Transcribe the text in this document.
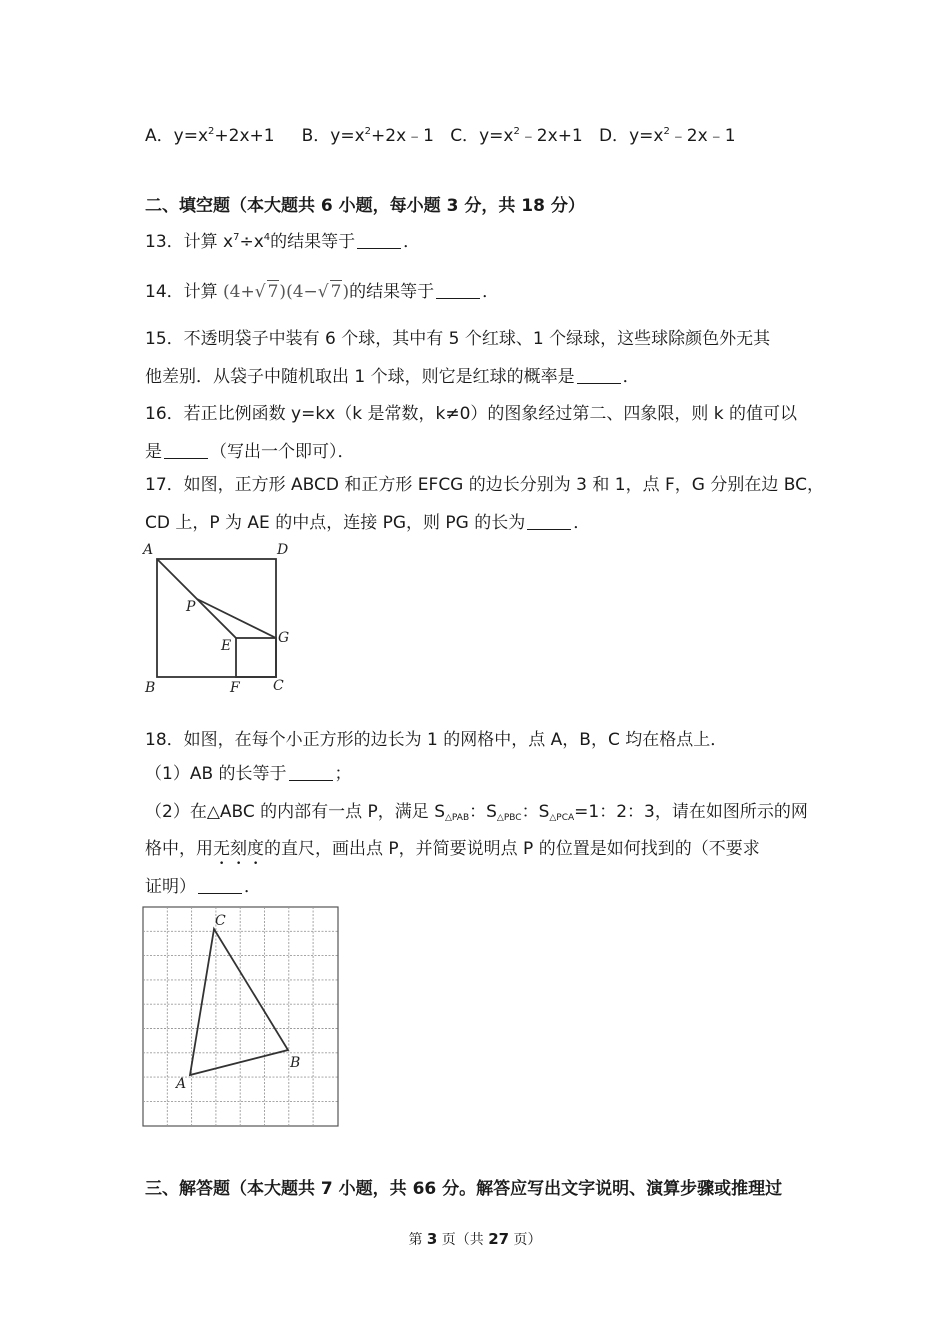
A．$y=x^2+2x+1$ B．$y=x^2+2x﹣1$ C．$y=x^2﹣2x+1$ D．$y=x^2﹣2x﹣1$
二、填空题（本大题共 6 小题，每小题 3 分，共 18 分）
13．计算 $x^7\div x^4$的结果等于	．
14．计算 (4+√ 7)(4−√ 7)的结果等于	．
15．不透明袋子中装有 6 个球，其中有 5 个红球、1 个绿球，这些球除颜色外无其
他差别．从袋子中随机取出 1 个球，则它是红球的概率是	．
16．若正比例函数 y=kx（k 是常数，k≠0）的图象经过第二、四象限，则 k 的值可以
是	（写出一个即可）．
17．如图，正方形 ABCD 和正方形 EFCG 的边长分别为 3 和 1，点 F，G 分别在边 BC，
CD 上，P 为 AE 的中点，连接 PG，则 PG 的长为	．
A	D
P
E	G
B	F C
18．如图，在每个小正方形的边长为 1 的网格中，点 A，B，C 均在格点上．
（1）AB 的长等于	；
（2）在△ABC 的内部有一点 P，满足 $S_{\triangle PAB}$：$S_{\triangle PBC}$：$S_{\triangle PCA}=1$：2：3，请在如图所示的网
格中，用无刻度的直尺，画出点 P，并简要说明点 P 的位置是如何找到的（不要求
证明）	．
A
B
C
三、解答题（本大题共 7 小题，共 66 分。解答应写出文字说明、演算步骤或推理过
第 3 页（共 27 页）
